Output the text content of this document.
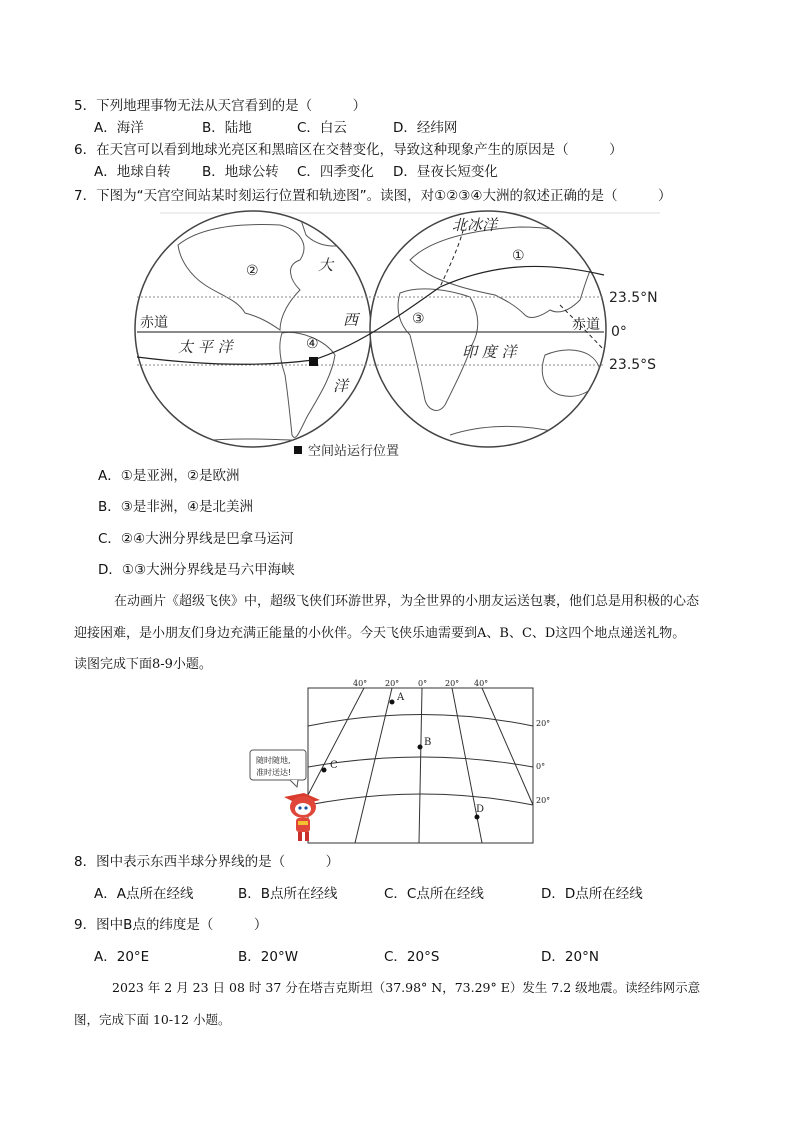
5．下列地理事物无法从天宫看到的是（　　　）
A．海洋	B．陆地	C．白云	D．经纬网
6．在天宫可以看到地球光亮区和黑暗区在交替变化，导致这种现象产生的原因是（　　　）
A．地球自转 B．地球公转 C．四季变化 D．昼夜长短变化
7．下图为“天宫空间站某时刻运行位置和轨迹图”。读图，对①②③④大洲的叙述正确的是（　　　）
②
④
①
③
北冰洋
大
西
洋
太 平 洋	印 度 洋
赤道	赤道
23.5°N
0°
23.5°S
空间站运行位置
A．①是亚洲，②是欧洲
B．③是非洲，④是北美洲
C．②④大洲分界线是巴拿马运河
D．①③大洲分界线是马六甲海峡
在动画片《超级飞侠》中，超级飞侠们环游世界，为全世界的小朋友运送包裹，他们总是用积极的心态
迎接困难，是小朋友们身边充满正能量的小伙伴。今天飞侠乐迪需要到A、B、C、D这四个地点递送礼物。
读图完成下面8-9小题。
40° 20° 0° 20° 40°
20°
0°
20°
A
B
C
D
随时随地,
准时送达!
8．图中表示东西半球分界线的是（　　　）
A．A点所在经线	B．B点所在经线	C．C点所在经线	D．D点所在经线
9．图中B点的纬度是（　　　）
A．20°E	B．20°W	C．20°S	D．20°N
2023 年 2 月 23 日 08 时 37 分在塔吉克斯坦（37.98° N，73.29° E）发生 7.2 级地震。读经纬网示意
图，完成下面 10-12 小题。
